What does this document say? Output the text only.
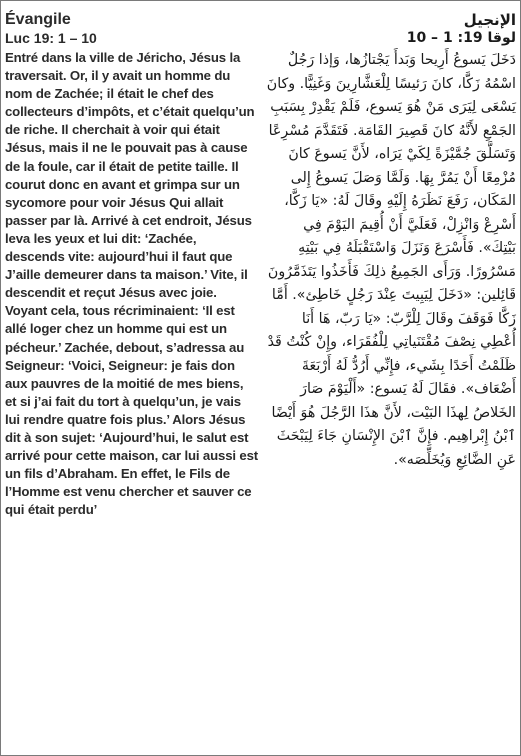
Évangile
Luc 19: 1 – 10

Entré dans la ville de Jéricho, Jésus la traversait. Or, il y avait un homme du nom de Zachée; il était le chef des collecteurs d’impôts, et c’était quelqu’un de riche. Il cherchait à voir qui était Jésus, mais il ne le pouvait pas à cause de la foule, car il était de petite taille. Il courut donc en avant et grimpa sur un sycomore pour voir Jésus Qui allait passer par là. Arrivé à cet endroit, Jésus leva les yeux et lui dit: ‘Zachée, descends vite: aujourd’hui il faut que J’aille demeurer dans ta maison.’ Vite, il descendit et reçut Jésus avec joie. Voyant cela, tous récriminaient: ‘Il est allé loger chez un homme qui est un pécheur.’ Zachée, debout, s’adressa au Seigneur: ‘Voici, Seigneur: je fais don aux pauvres de la moitié de mes biens, et si j’ai fait du tort à quelqu’un, je vais lui rendre quatre fois plus.’ Alors Jésus dit à son sujet: ‘Aujourd’hui, le salut est arrivé pour cette maison, car lui aussi est un fils d’Abraham. En effet, le Fils de l’Homme est venu chercher et sauver ce qui était perdu’

الإنجيل
لوقا 19: 1 – 10

دَخَلَ يَسوعُ أَرِيحا وَبَدأَ يَجْتازُها، وَإذا رَجُلٌ اسْمُهُ زَكَّا، كانَ رَئيسًا لِلْعَشَّارِينَ وَغَنِيًّا. وكانَ يَسْعَى لِيَرَى مَنْ هُوَ يَسوع، فَلَمْ يَقْدِرْ بِسَبَبِ الجَمْعِ لأَنَّهُ كانَ قَصِيرَ القَامَة. فَتَقَدَّمَ مُسْرِعًا وَتَسَلَّقَ جُمَّيْزَةً لِكَيْ يَرَاه، لأَنَّ يَسوعَ كانَ مُزْمِعًا أَنْ يَمُرَّ بِهَا. وَلَمَّا وَصَلَ يَسوعُ إِلى المَكَان، رَفَعَ نَظَرَهُ إِلَيْهِ وقَالَ لَهُ: «يَا زَكَّا، أَسْرِعْ وَانْزِلْ، فَعَلَيَّ أَنْ أُقِيمَ اليَوْمَ فِي بَيْتِكَ». فَأَسْرَعَ وَنَزَلَ وَاسْتَقْبَلَهُ فِي بَيْتِهِ مَسْرُورًا. وَرَأَى الجَمِيعُ ذلِكَ فَأَخَذُوا يَتَذَمَّرُونَ قَائِلين: «دَخَلَ لِيَبِيتَ عِنْدَ رَجُلٍ خَاطِئ». أَمَّا زَكَّا فَوَقَفَ وقَالَ لِلْرَّبّ: «يَا رَبّ، هَا أَنَا أُعْطِي نِصْفَ مُقْتَنَياتِي لِلْفُقَرَاء، وإِنْ كُنْتُ قَدْ ظَلَمْتُ أَحَدًا بِشَيء، فإِنِّي أَرُدُّ لَهُ أَرْبَعَةَ أَضْعَاف». فقَالَ لَهُ يَسوع: «أَلْيَوْمَ صَارَ الخَلاصُ لِهذَا البَيْت، لأَنَّ هذَا الرَّجُلَ هُوَ أَيْضًا ٱبْنُ إِبْراهِيم. فإِنَّ ٱبْنَ الإِنْسَانِ جَاءَ لِيَبْحَثَ عَنِ الضَّائِعِ وَيُخَلِّصَه».
